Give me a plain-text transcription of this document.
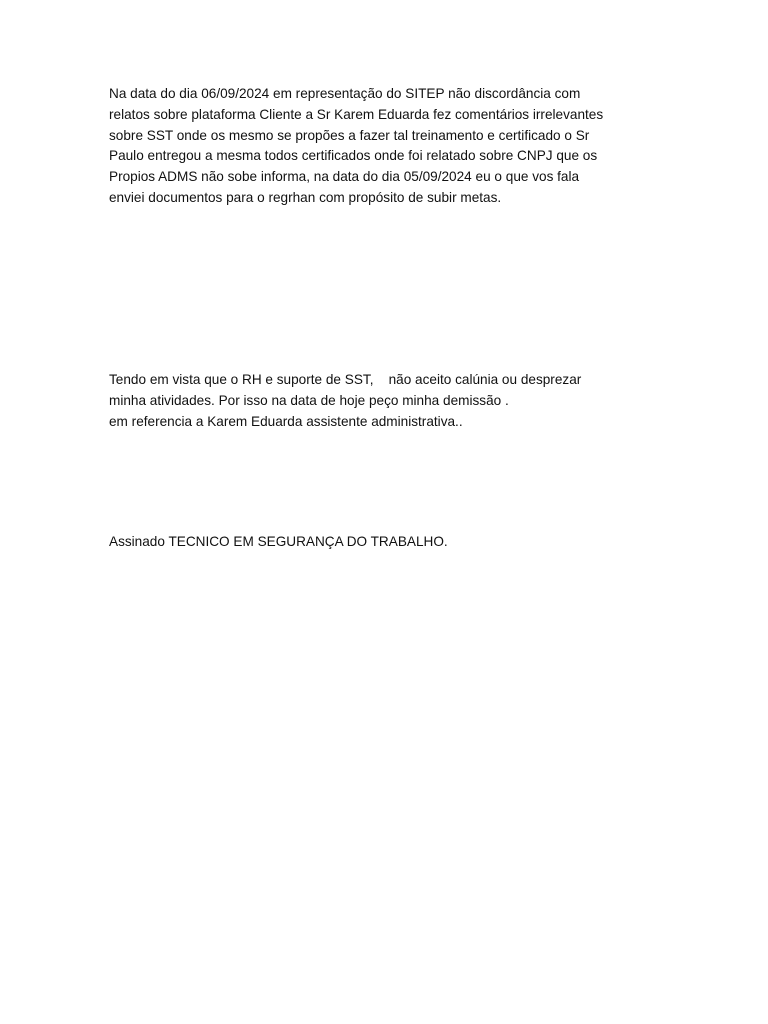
Na data do dia 06/09/2024 em representação do SITEP não discordância com
relatos sobre plataforma Cliente a Sr Karem Eduarda fez comentários irrelevantes
sobre SST onde os mesmo se propões a fazer tal treinamento e certificado o Sr
Paulo entregou a mesma todos certificados onde foi relatado sobre CNPJ que os
Propios ADMS não sobe informa, na data do dia 05/09/2024 eu o que vos fala
enviei documentos para o regrhan com propósito de subir metas.

Tendo em vista que o RH e suporte de SST,    não aceito calúnia ou desprezar
minha atividades. Por isso na data de hoje peço minha demissão .
em referencia a Karem Eduarda assistente administrativa..

Assinado TECNICO EM SEGURANÇA DO TRABALHO.
